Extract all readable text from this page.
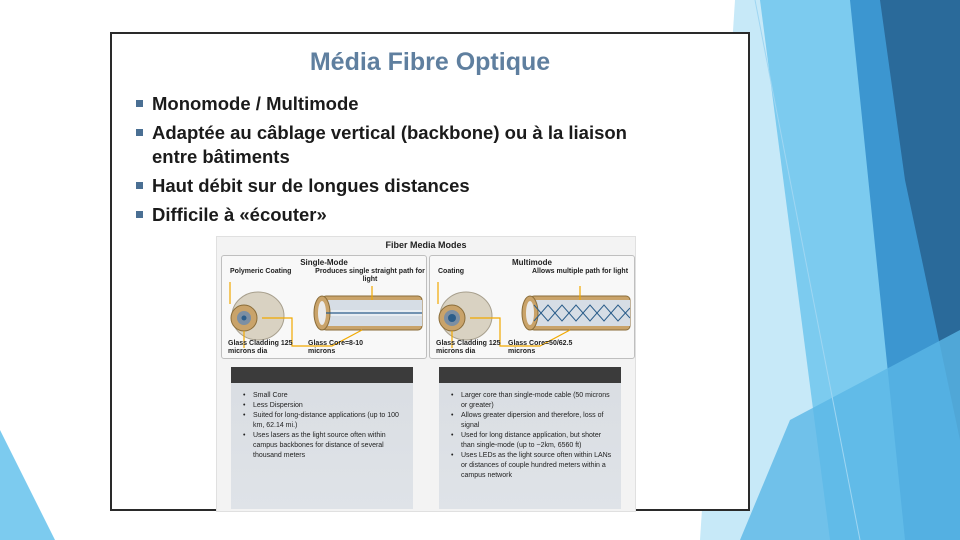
Média Fibre Optique
Monomode / Multimode
Adaptée au câblage vertical (backbone) ou à la liaison entre bâtiments
Haut débit sur de longues distances
Difficile à «écouter»
Fiber Media Modes
Single-Mode
Polymeric Coating	Produces single straight path for light
Glass Cladding 125 microns dia
Glass Core=8-10 microns
Multimode
Coating	Allows multiple path for light
Glass Cladding 125 microns dia
Glass Core=50/62.5 microns
• Small Core
• Less Dispersion
• Suited for long-distance applications (up to 100 km, 62.14 mi.)
• Uses lasers as the light source often within campus backbones for distance of several thousand meters
• Larger core than single-mode cable (50 microns or greater)
• Allows greater dipersion and therefore, loss of signal
• Used for long distance application, but shoter than single-mode (up to ~2km, 6560 ft)
• Uses LEDs as the light source often within LANs or distances of couple hundred meters within a campus network
